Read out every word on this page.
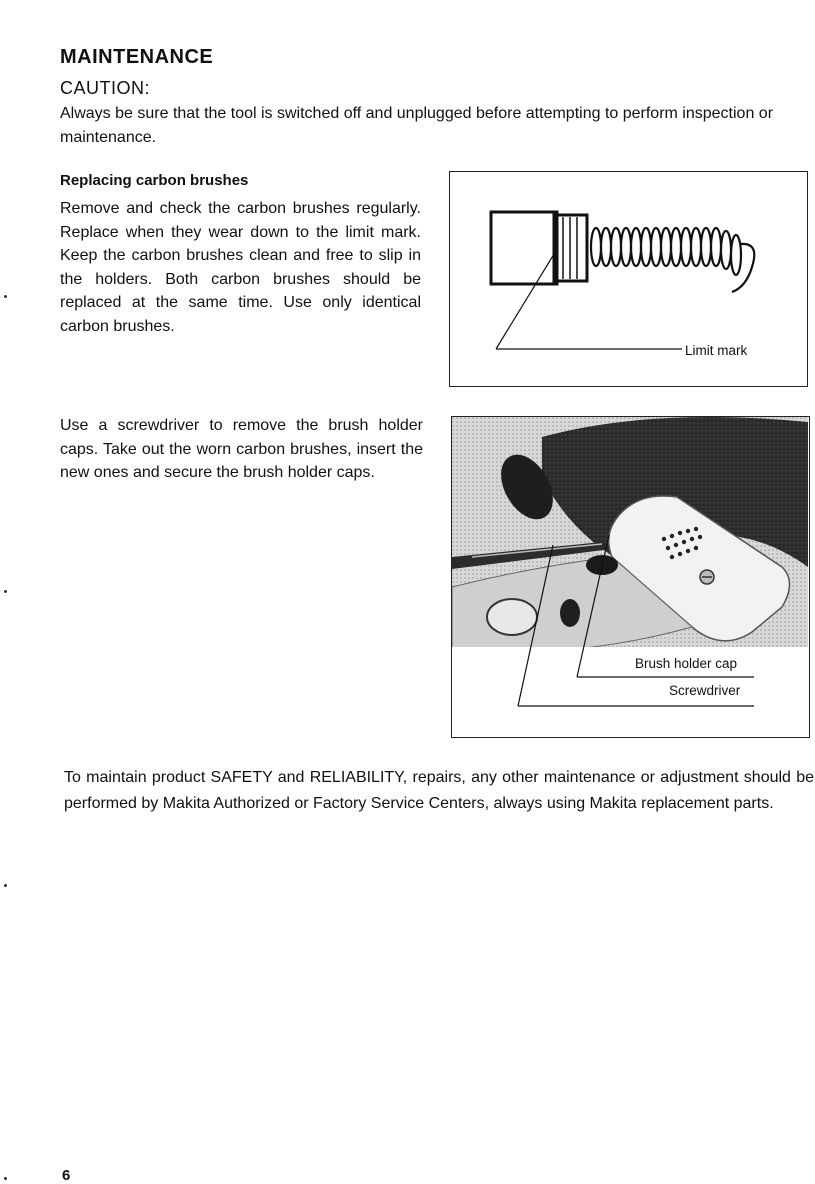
MAINTENANCE
CAUTION:
Always be sure that the tool is switched off and unplugged before attempting to perform inspection or maintenance.
Replacing carbon brushes
Remove and check the carbon brushes regularly. Replace when they wear down to the limit mark. Keep the carbon brushes clean and free to slip in the holders. Both carbon brushes should be replaced at the same time. Use only identical carbon brushes.
Limit mark
Use a screwdriver to remove the brush holder caps. Take out the worn carbon brushes, insert the new ones and secure the brush holder caps.
Brush holder cap
Screwdriver
To maintain product SAFETY and RELIABILITY, repairs, any other maintenance or adjustment should be performed by Makita Authorized or Factory Service Centers, always using Makita replacement parts.
6
